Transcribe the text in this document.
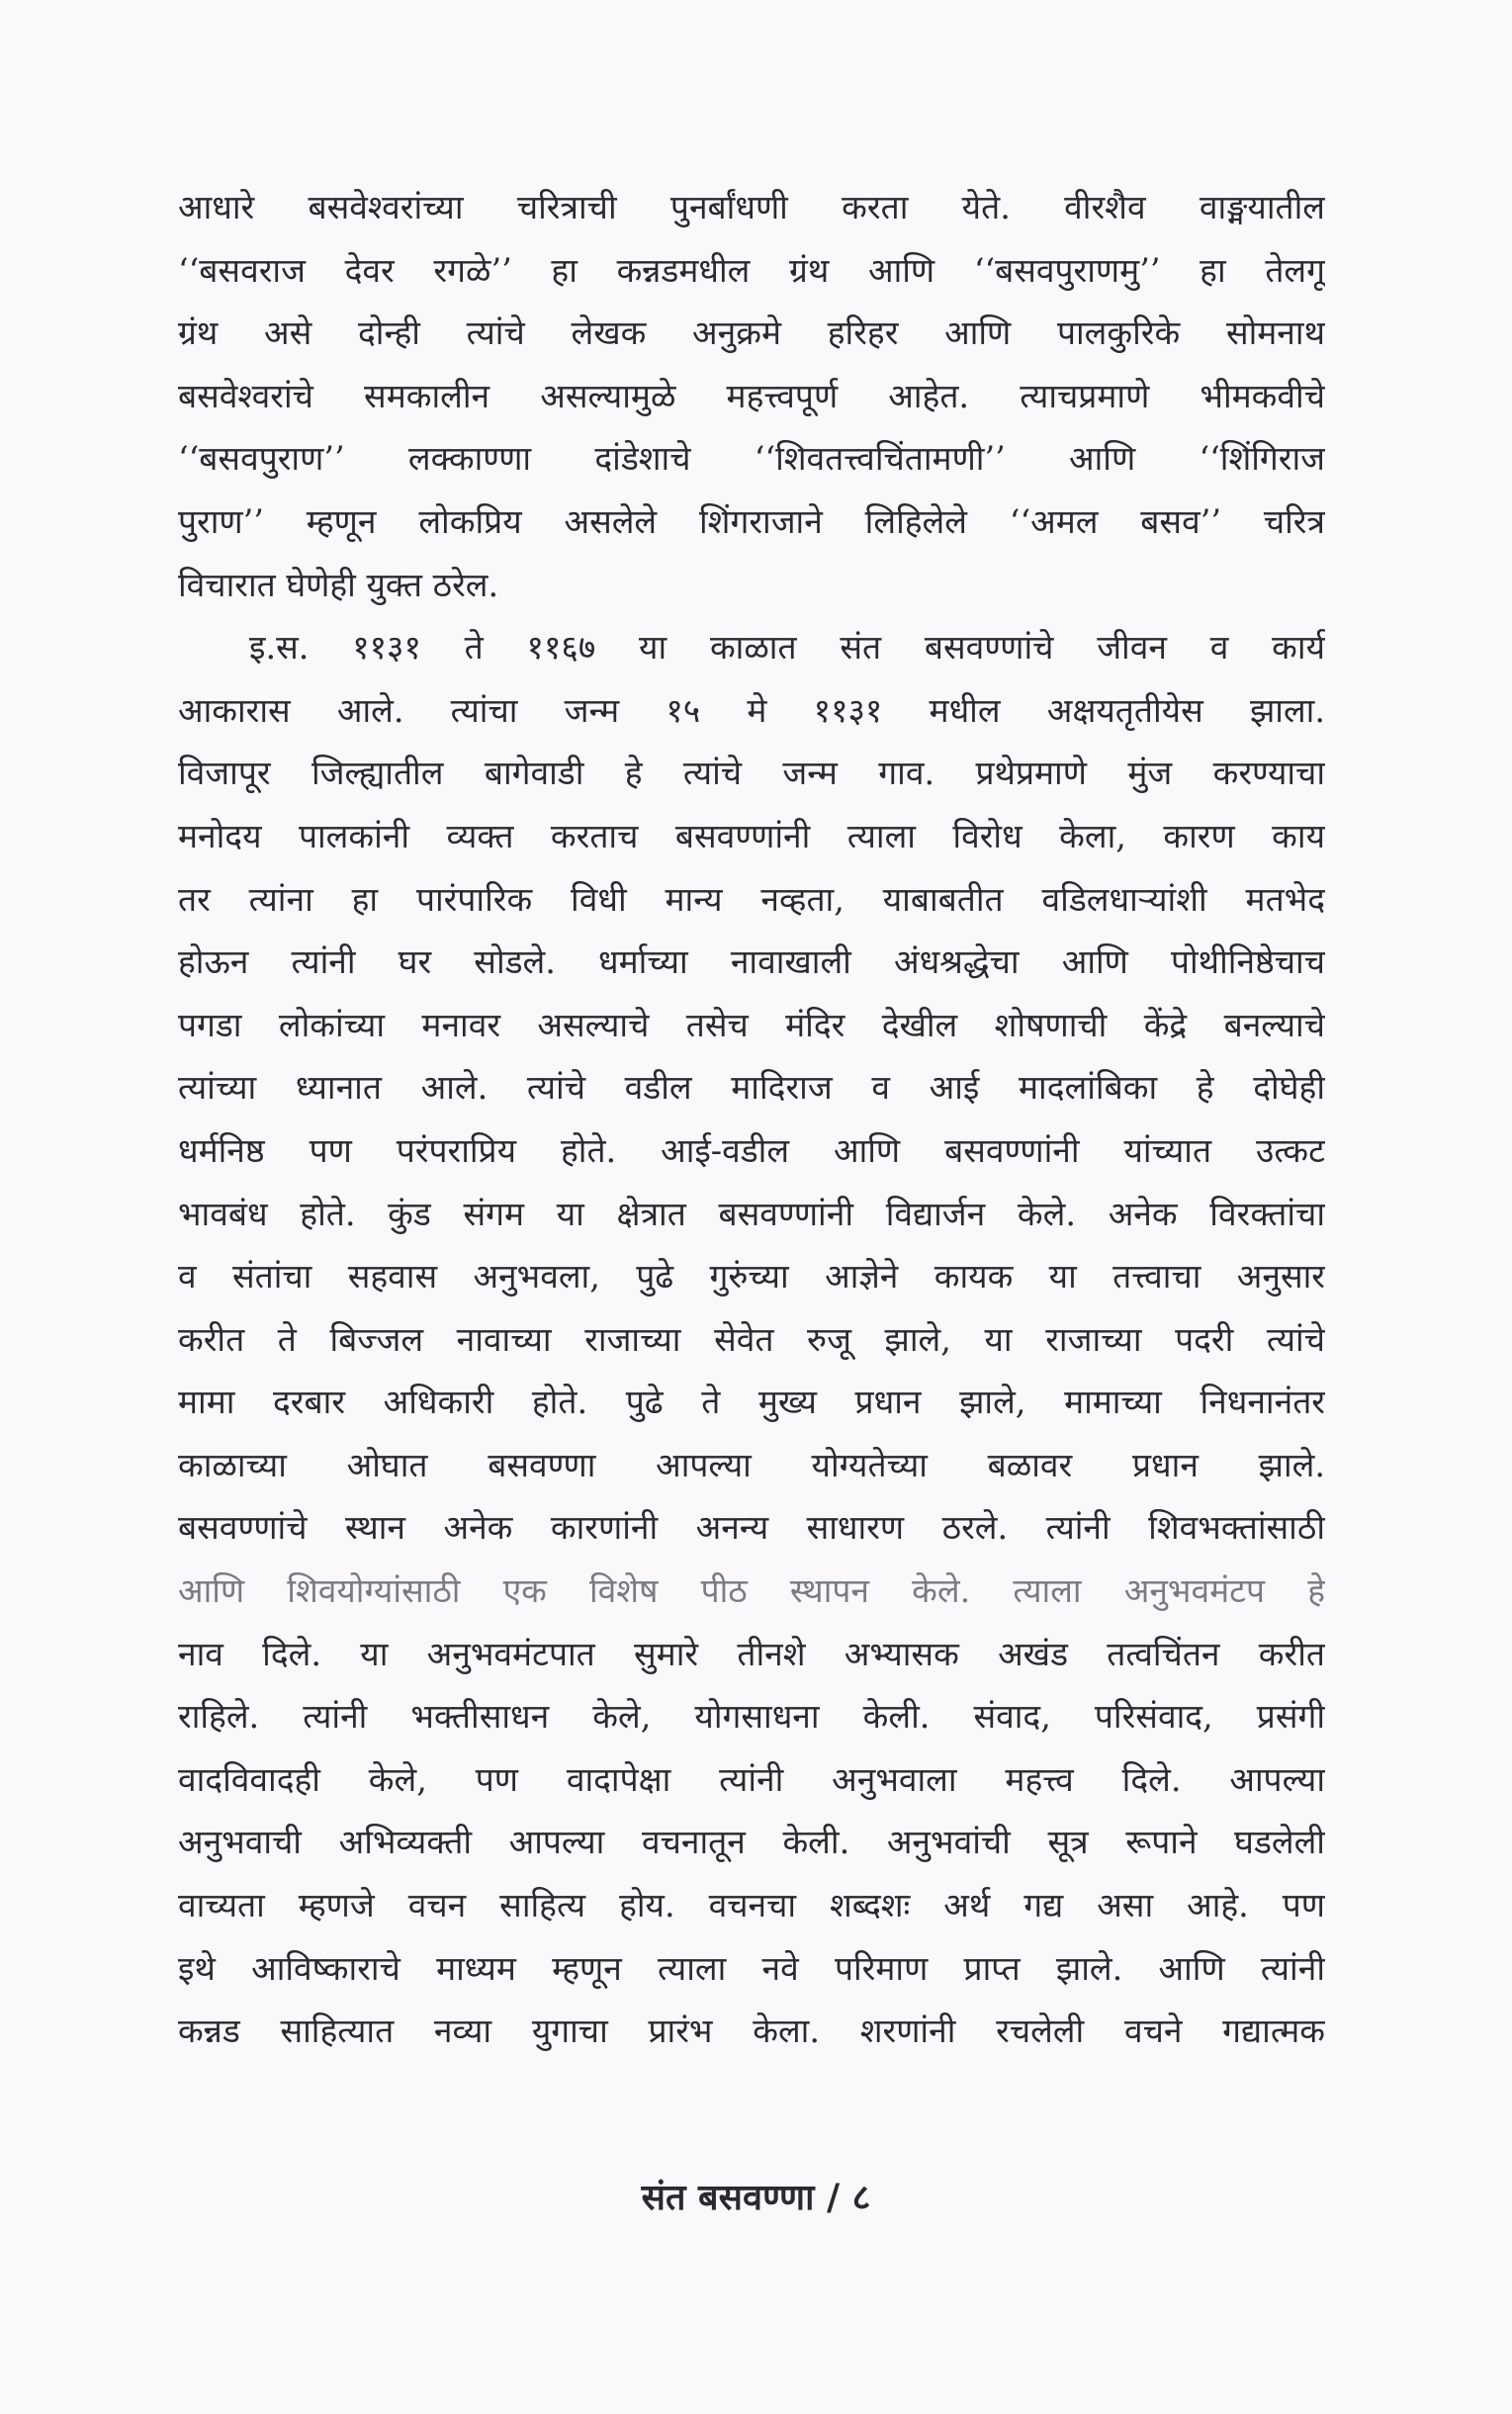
आधारे बसवेश्वरांच्या चरित्राची पुनर्बांधणी करता येते. वीरशैव वाङ्मयातील
‘‘बसवराज देवर रगळे’’ हा कन्नडमधील ग्रंथ आणि ‘‘बसवपुराणमु’’ हा तेलगू
ग्रंथ असे दोन्ही त्यांचे लेखक अनुक्रमे हरिहर आणि पालकुरिके सोमनाथ
बसवेश्वरांचे समकालीन असल्यामुळे महत्त्वपूर्ण आहेत. त्याचप्रमाणे भीमकवीचे
‘‘बसवपुराण’’ लक्काण्णा दांडेशाचे ‘‘शिवतत्त्वचिंतामणी’’ आणि ‘‘शिंगिराज
पुराण’’ म्हणून लोकप्रिय असलेले शिंगराजाने लिहिलेले ‘‘अमल बसव’’ चरित्र
विचारात घेणेही युक्त ठरेल.
इ.स. ११३१ ते ११६७ या काळात संत बसवण्णांचे जीवन व कार्य
आकारास आले. त्यांचा जन्म १५ मे ११३१ मधील अक्षयतृतीयेस झाला.
विजापूर जिल्ह्यातील बागेवाडी हे त्यांचे जन्म गाव. प्रथेप्रमाणे मुंज करण्याचा
मनोदय पालकांनी व्यक्त करताच बसवण्णांनी त्याला विरोध केला, कारण काय
तर त्यांना हा पारंपारिक विधी मान्य नव्हता, याबाबतीत वडिलधाऱ्यांशी मतभेद
होऊन त्यांनी घर सोडले. धर्माच्या नावाखाली अंधश्रद्धेचा आणि पोथीनिष्ठेचाच
पगडा लोकांच्या मनावर असल्याचे तसेच मंदिर देखील शोषणाची केंद्रे बनल्याचे
त्यांच्या ध्यानात आले. त्यांचे वडील मादिराज व आई मादलांबिका हे दोघेही
धर्मनिष्ठ पण परंपराप्रिय होते. आई-वडील आणि बसवण्णांनी यांच्यात उत्कट
भावबंध होते. कुंड संगम या क्षेत्रात बसवण्णांनी विद्यार्जन केले. अनेक विरक्तांचा
व संतांचा सहवास अनुभवला, पुढे गुरुंच्या आज्ञेने कायक या तत्त्वाचा अनुसार
करीत ते बिज्जल नावाच्या राजाच्या सेवेत रुजू झाले, या राजाच्या पदरी त्यांचे
मामा दरबार अधिकारी होते. पुढे ते मुख्य प्रधान झाले, मामाच्या निधनानंतर
काळाच्या ओघात बसवण्णा आपल्या योग्यतेच्या बळावर प्रधान झाले.
बसवण्णांचे स्थान अनेक कारणांनी अनन्य साधारण ठरले. त्यांनी शिवभक्तांसाठी
आणि शिवयोग्यांसाठी एक विशेष पीठ स्थापन केले. त्याला अनुभवमंटप हे
नाव दिले. या अनुभवमंटपात सुमारे तीनशे अभ्यासक अखंड तत्वचिंतन करीत
राहिले. त्यांनी भक्तीसाधन केले, योगसाधना केली. संवाद, परिसंवाद, प्रसंगी
वादविवादही केले, पण वादापेक्षा त्यांनी अनुभवाला महत्त्व दिले. आपल्या
अनुभवाची अभिव्यक्ती आपल्या वचनातून केली. अनुभवांची सूत्र रूपाने घडलेली
वाच्यता म्हणजे वचन साहित्य होय. वचनचा शब्दशः अर्थ गद्य असा आहे. पण
इथे आविष्काराचे माध्यम म्हणून त्याला नवे परिमाण प्राप्त झाले. आणि त्यांनी
कन्नड साहित्यात नव्या युगाचा प्रारंभ केला. शरणांनी रचलेली वचने गद्यात्मक
संत बसवण्णा / ८
